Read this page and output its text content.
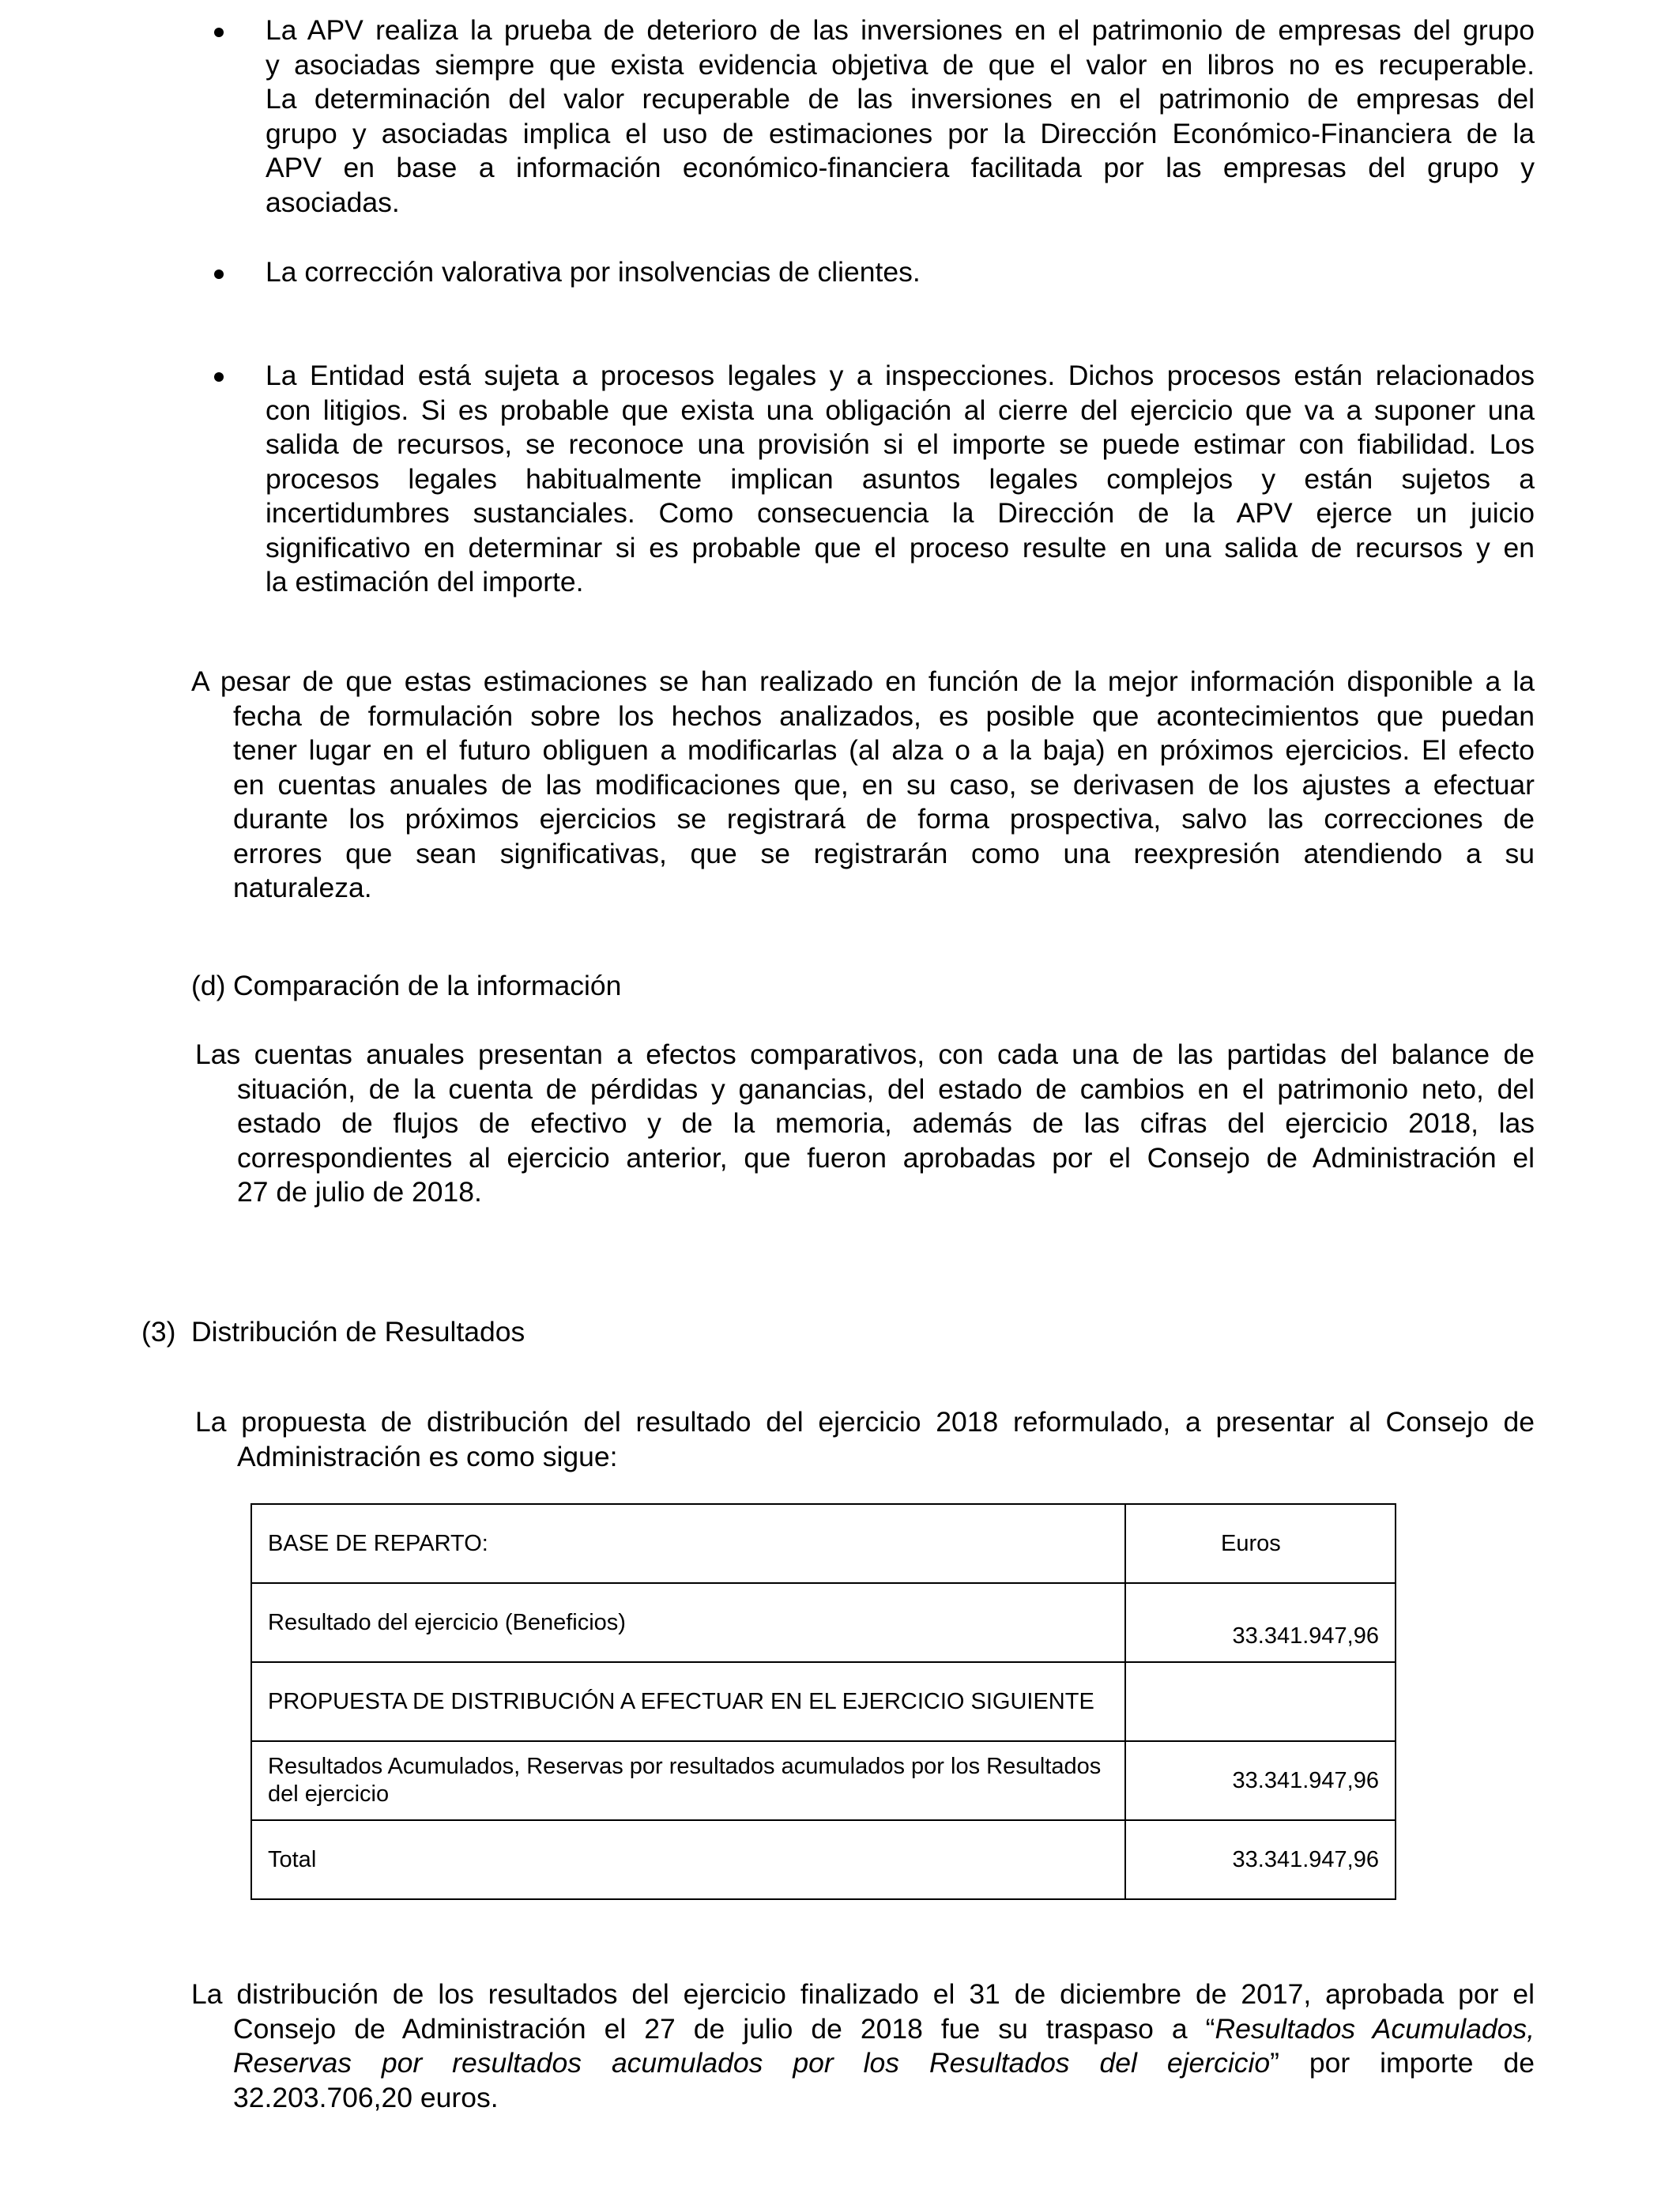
La APV realiza la prueba de deterioro de las inversiones en el patrimonio de empresas del grupo
y asociadas siempre que exista evidencia objetiva de que el valor en libros no es recuperable.
La determinación del valor recuperable de las inversiones en el patrimonio de empresas del
grupo y asociadas implica el uso de estimaciones por la Dirección Económico-Financiera de la
APV en base a información económico-financiera facilitada por las empresas del grupo y
asociadas.
La corrección valorativa por insolvencias de clientes.
La Entidad está sujeta a procesos legales y a inspecciones. Dichos procesos están relacionados
con litigios. Si es probable que exista una obligación al cierre del ejercicio que va a suponer una
salida de recursos, se reconoce una provisión si el importe se puede estimar con fiabilidad. Los
procesos legales habitualmente implican asuntos legales complejos y están sujetos a
incertidumbres sustanciales. Como consecuencia la Dirección de la APV ejerce un juicio
significativo en determinar si es probable que el proceso resulte en una salida de recursos y en
la estimación del importe.
A pesar de que estas estimaciones se han realizado en función de la mejor información disponible a la
fecha de formulación sobre los hechos analizados, es posible que acontecimientos que puedan
tener lugar en el futuro obliguen a modificarlas (al alza o a la baja) en próximos ejercicios. El efecto
en cuentas anuales de las modificaciones que, en su caso, se derivasen de los ajustes a efectuar
durante los próximos ejercicios se registrará de forma prospectiva, salvo las correcciones de
errores que sean significativas, que se registrarán como una reexpresión atendiendo a su
naturaleza.
(d) Comparación de la información
Las cuentas anuales presentan a efectos comparativos, con cada una de las partidas del balance de
situación, de la cuenta de pérdidas y ganancias, del estado de cambios en el patrimonio neto, del
estado de flujos de efectivo y de la memoria, además de las cifras del ejercicio 2018, las
correspondientes al ejercicio anterior, que fueron aprobadas por el Consejo de Administración el
27 de julio de 2018.
(3) Distribución de Resultados
La propuesta de distribución del resultado del ejercicio 2018 reformulado, a presentar al Consejo de
Administración es como sigue:
BASE DE REPARTO:	Euros
Resultado del ejercicio (Beneficios)	33.341.947,96
PROPUESTA DE DISTRIBUCIÓN A EFECTUAR EN EL EJERCICIO SIGUIENTE	

Resultados Acumulados, Reservas por resultados acumulados por los Resultados
del ejercicio	33.341.947,96
Total	33.341.947,96
La distribución de los resultados del ejercicio finalizado el 31 de diciembre de 2017, aprobada por el
Consejo de Administración el 27 de julio de 2018 fue su traspaso a “Resultados Acumulados,
Reservas por resultados acumulados por los Resultados del ejercicio” por importe de
32.203.706,20 euros.
